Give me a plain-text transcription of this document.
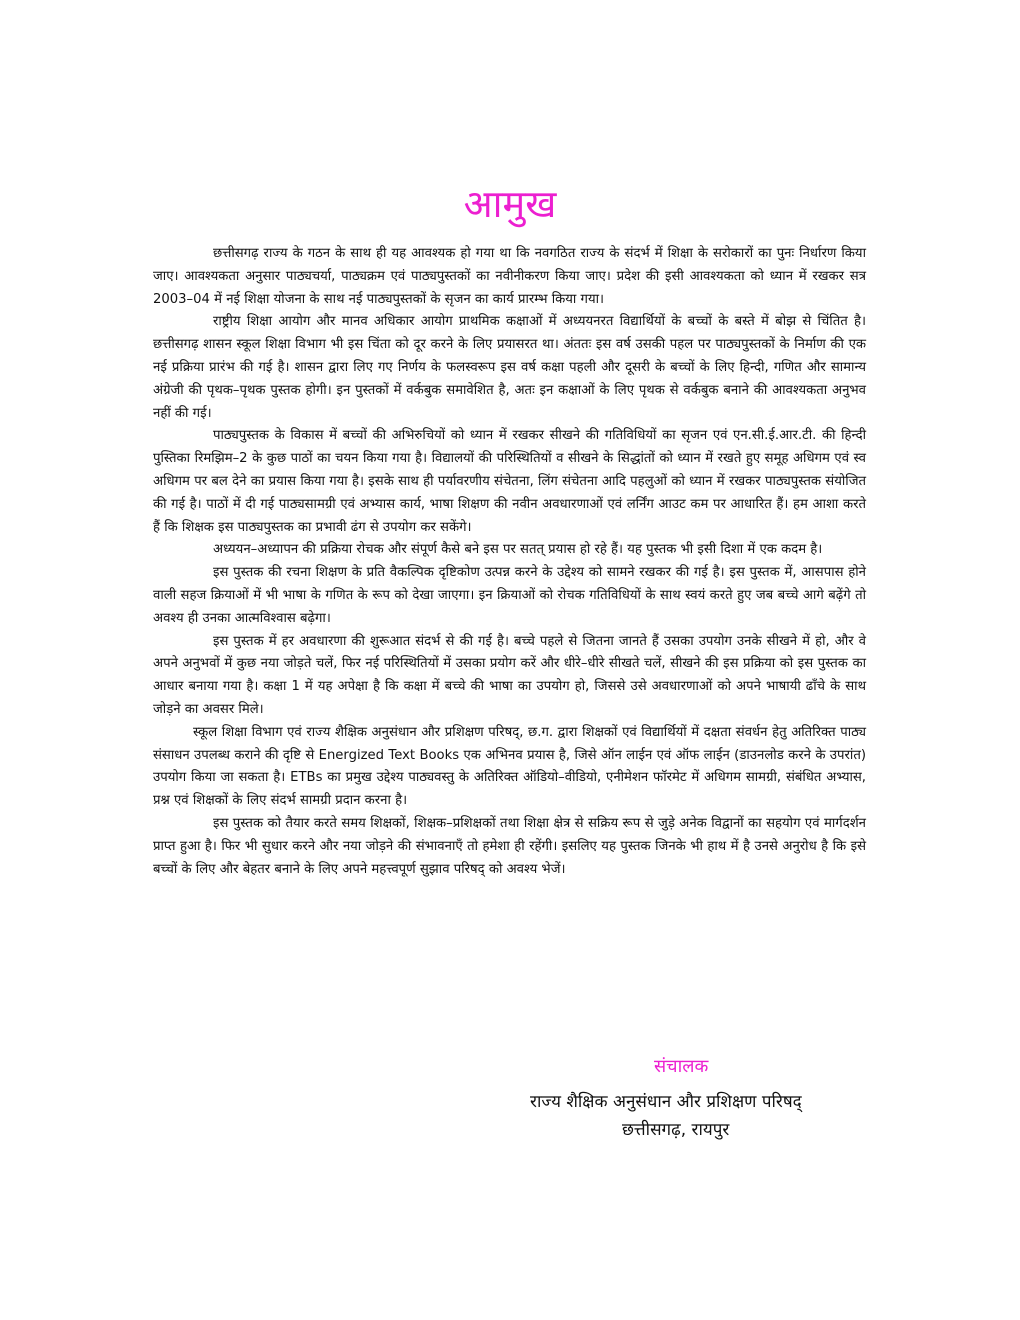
आमुख

छत्तीसगढ़ राज्य के गठन के साथ ही यह आवश्यक हो गया था कि नवगठित राज्य के संदर्भ में शिक्षा के सरोकारों का पुनः निर्धारण किया जाए। आवश्यकता अनुसार पाठ्यचर्या, पाठ्यक्रम एवं पाठ्यपुस्तकों का नवीनीकरण किया जाए। प्रदेश की इसी आवश्यकता को ध्यान में रखकर सत्र 2003–04 में नई शिक्षा योजना के साथ नई पाठ्यपुस्तकों के सृजन का कार्य प्रारम्भ किया गया।

राष्ट्रीय शिक्षा आयोग और मानव अधिकार आयोग प्राथमिक कक्षाओं में अध्ययनरत विद्यार्थियों के बच्चों के बस्ते में बोझ से चिंतित है। छत्तीसगढ़ शासन स्कूल शिक्षा विभाग भी इस चिंता को दूर करने के लिए प्रयासरत था। अंततः इस वर्ष उसकी पहल पर पाठ्यपुस्तकों के निर्माण की एक नई प्रक्रिया प्रारंभ की गई है। शासन द्वारा लिए गए निर्णय के फलस्वरूप इस वर्ष कक्षा पहली और दूसरी के बच्चों के लिए हिन्दी, गणित और सामान्य अंग्रेजी की पृथक–पृथक पुस्तक होगी। इन पुस्तकों में वर्कबुक समावेशित है, अतः इन कक्षाओं के लिए पृथक से वर्कबुक बनाने की आवश्यकता अनुभव नहीं की गई।

पाठ्यपुस्तक के विकास में बच्चों की अभिरुचियों को ध्यान में रखकर सीखने की गतिविधियों का सृजन एवं एन.सी.ई.आर.टी. की हिन्दी पुस्तिका रिमझिम–2 के कुछ पाठों का चयन किया गया है। विद्यालयों की परिस्थितियों व सीखने के सिद्धांतों को ध्यान में रखते हुए समूह अधिगम एवं स्व अधिगम पर बल देने का प्रयास किया गया है। इसके साथ ही पर्यावरणीय संचेतना, लिंग संचेतना आदि पहलुओं को ध्यान में रखकर पाठ्यपुस्तक संयोजित की गई है। पाठों में दी गई पाठ्यसामग्री एवं अभ्यास कार्य, भाषा शिक्षण की नवीन अवधारणाओं एवं लर्निंग आउट कम पर आधारित हैं। हम आशा करते हैं कि शिक्षक इस पाठ्यपुस्तक का प्रभावी ढंग से उपयोग कर सकेंगे।

अध्ययन–अध्यापन की प्रक्रिया रोचक और संपूर्ण कैसे बने इस पर सतत् प्रयास हो रहे हैं। यह पुस्तक भी इसी दिशा में एक कदम है।

इस पुस्तक की रचना शिक्षण के प्रति वैकल्पिक दृष्टिकोण उत्पन्न करने के उद्देश्य को सामने रखकर की गई है। इस पुस्तक में, आसपास होने वाली सहज क्रियाओं में भी भाषा के गणित के रूप को देखा जाएगा। इन क्रियाओं को रोचक गतिविधियों के साथ स्वयं करते हुए जब बच्चे आगे बढ़ेंगे तो अवश्य ही उनका आत्मविश्वास बढ़ेगा।

इस पुस्तक में हर अवधारणा की शुरूआत संदर्भ से की गई है। बच्चे पहले से जितना जानते हैं उसका उपयोग उनके सीखने में हो, और वे अपने अनुभवों में कुछ नया जोड़ते चलें, फिर नई परिस्थितियों में उसका प्रयोग करें और धीरे–धीरे सीखते चलें, सीखने की इस प्रक्रिया को इस पुस्तक का आधार बनाया गया है। कक्षा 1 में यह अपेक्षा है कि कक्षा में बच्चे की भाषा का उपयोग हो, जिससे उसे अवधारणाओं को अपने भाषायी ढाँचे के साथ जोड़ने का अवसर मिले।

स्कूल शिक्षा विभाग एवं राज्य शैक्षिक अनुसंधान और प्रशिक्षण परिषद्, छ.ग. द्वारा शिक्षकों एवं विद्यार्थियों में दक्षता संवर्धन हेतु अतिरिक्त पाठ्य संसाधन उपलब्ध कराने की दृष्टि से Energized Text Books एक अभिनव प्रयास है, जिसे ऑन लाईन एवं ऑफ लाईन (डाउनलोड करने के उपरांत) उपयोग किया जा सकता है। ETBs का प्रमुख उद्देश्य पाठ्यवस्तु के अतिरिक्त ऑडियो–वीडियो, एनीमेशन फॉरमेट में अधिगम सामग्री, संबंधित अभ्यास, प्रश्न एवं शिक्षकों के लिए संदर्भ सामग्री प्रदान करना है।

इस पुस्तक को तैयार करते समय शिक्षकों, शिक्षक–प्रशिक्षकों तथा शिक्षा क्षेत्र से सक्रिय रूप से जुड़े अनेक विद्वानों का सहयोग एवं मार्गदर्शन प्राप्त हुआ है। फिर भी सुधार करने और नया जोड़ने की संभावनाएँ तो हमेशा ही रहेंगी। इसलिए यह पुस्तक जिनके भी हाथ में है उनसे अनुरोध है कि इसे बच्चों के लिए और बेहतर बनाने के लिए अपने महत्त्वपूर्ण सुझाव परिषद् को अवश्य भेजें।

संचालक
राज्य शैक्षिक अनुसंधान और प्रशिक्षण परिषद्
छत्तीसगढ़, रायपुर
